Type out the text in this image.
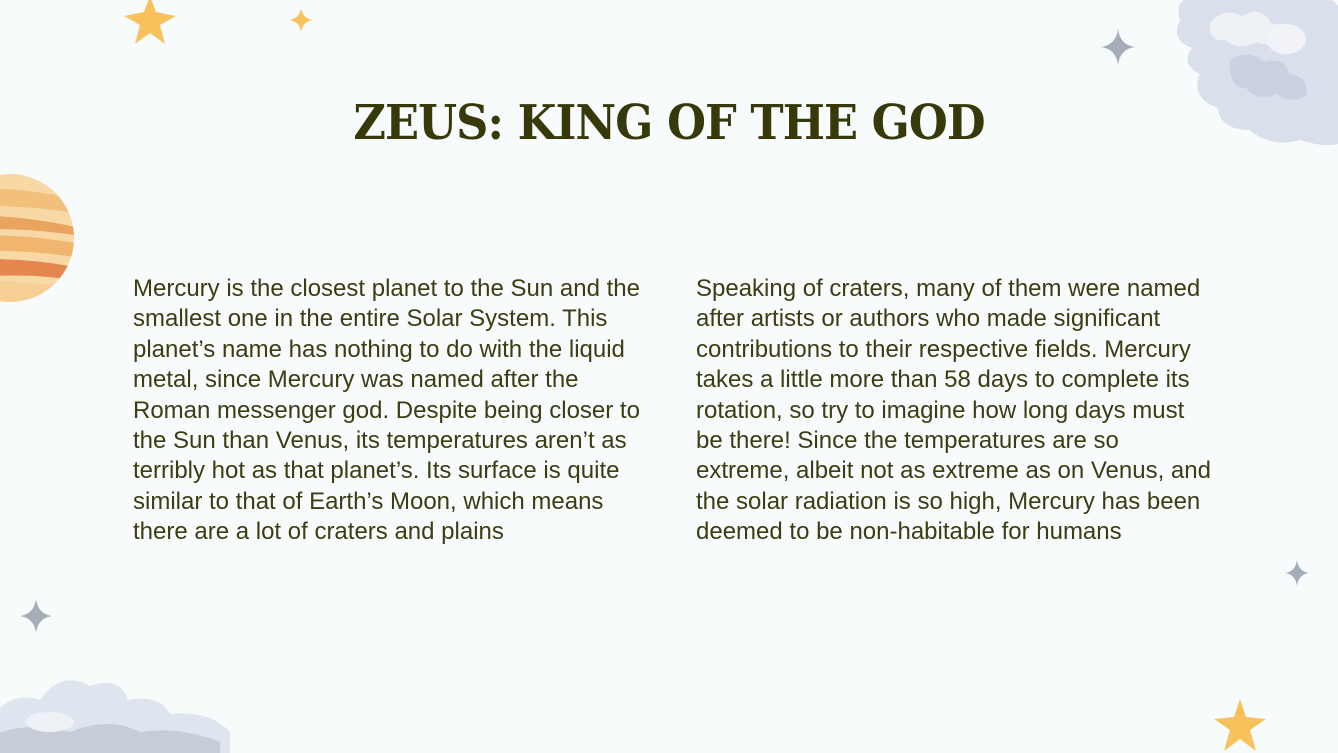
ZEUS: KING OF THE GOD

Mercury is the closest planet to the Sun and the smallest one in the entire Solar System. This planet’s name has nothing to do with the liquid metal, since Mercury was named after the Roman messenger god. Despite being closer to the Sun than Venus, its temperatures aren’t as terribly hot as that planet’s. Its surface is quite similar to that of Earth’s Moon, which means there are a lot of craters and plains

Speaking of craters, many of them were named after artists or authors who made significant contributions to their respective fields. Mercury takes a little more than 58 days to complete its rotation, so try to imagine how long days must be there! Since the temperatures are so extreme, albeit not as extreme as on Venus, and the solar radiation is so high, Mercury has been deemed to be non-habitable for humans
